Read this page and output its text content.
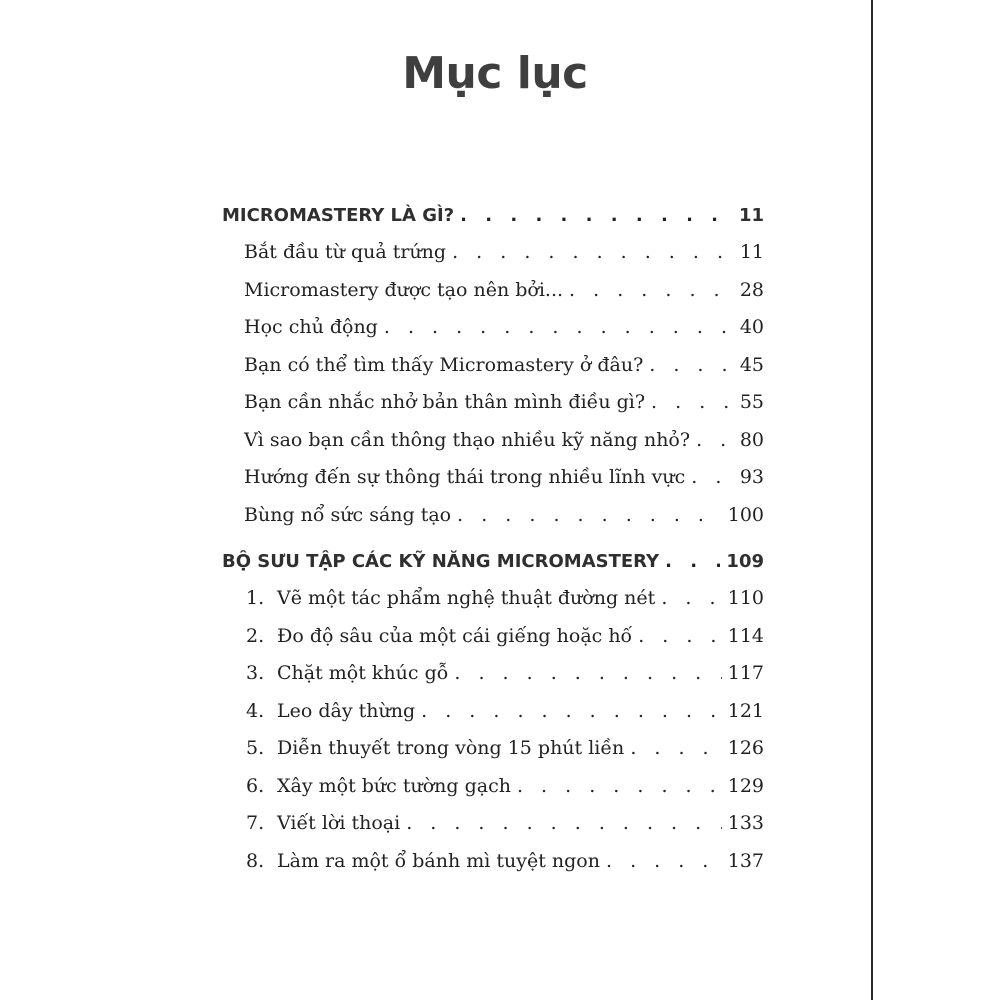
Mục lục
MICROMASTERY LÀ GÌ? . . .	11
Bắt đầu từ quả trứng . . .	11
Micromastery được tạo nên bởi... . . .	28
Học chủ động . . .	40
Bạn có thể tìm thấy Micromastery ở đâu? . . .	45
Bạn cần nhắc nhở bản thân mình điều gì? . . .	55
Vì sao bạn cần thông thạo nhiều kỹ năng nhỏ? . . .	80
Hướng đến sự thông thái trong nhiều lĩnh vực . . .	93
Bùng nổ sức sáng tạo . . .	100
BỘ SƯU TẬP CÁC KỸ NĂNG MICROMASTERY . . .	109
1. Vẽ một tác phẩm nghệ thuật đường nét . . .	110
2. Đo độ sâu của một cái giếng hoặc hố . . .	114
3. Chặt một khúc gỗ . . .	117
4. Leo dây thừng . . .	121
5. Diễn thuyết trong vòng 15 phút liền . . .	126
6. Xây một bức tường gạch . . .	129
7. Viết lời thoại . . .	133
8. Làm ra một ổ bánh mì tuyệt ngon . . .	137
